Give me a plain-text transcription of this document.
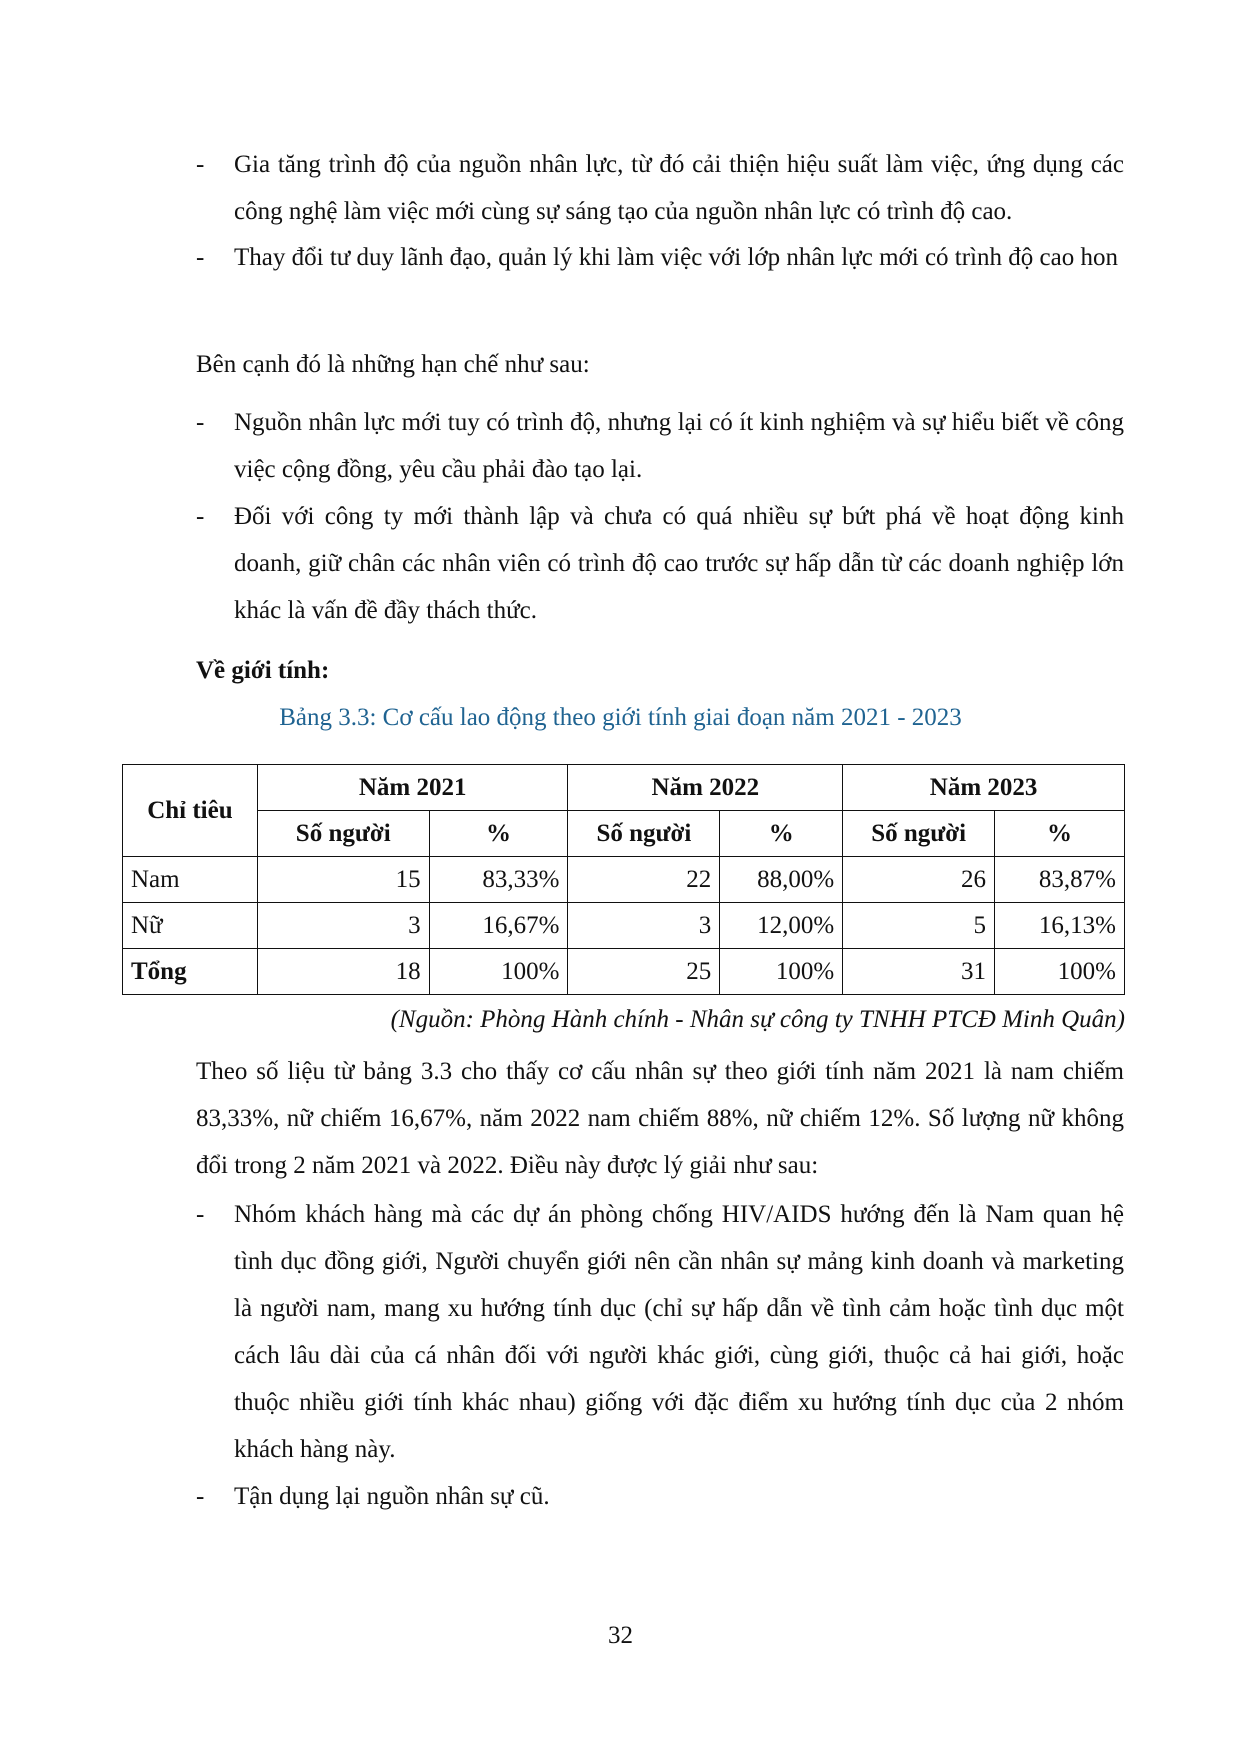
-	Gia tăng trình độ của nguồn nhân lực, từ đó cải thiện hiệu suất làm việc, ứng dụng các công nghệ làm việc mới cùng sự sáng tạo của nguồn nhân lực có trình độ cao.
-	Thay đổi tư duy lãnh đạo, quản lý khi làm việc với lớp nhân lực mới có trình độ cao hon
Bên cạnh đó là những hạn chế như sau:
-	Nguồn nhân lực mới tuy có trình độ, nhưng lại có ít kinh nghiệm và sự hiểu biết về công việc cộng đồng, yêu cầu phải đào tạo lại.
-	Đối với công ty mới thành lập và chưa có quá nhiều sự bứt phá về hoạt động kinh doanh, giữ chân các nhân viên có trình độ cao trước sự hấp dẫn từ các doanh nghiệp lớn khác là vấn đề đầy thách thức.
Về giới tính:
Bảng 3.3: Cơ cấu lao động theo giới tính giai đoạn năm 2021 - 2023
Chỉ tiêu	Năm 2021		Năm 2022		Năm 2023	
	Số người	%	Số người	%	Số người	%
Nam	15	83,33%	22	88,00%	26	83,87%
Nữ	3	16,67%	3	12,00%	5	16,13%
Tổng	18	100%	25	100%	31	100%
(Nguồn: Phòng Hành chính - Nhân sự công ty TNHH PTCĐ Minh Quân)
Theo số liệu từ bảng 3.3 cho thấy cơ cấu nhân sự theo giới tính năm 2021 là nam chiếm 83,33%, nữ chiếm 16,67%, năm 2022 nam chiếm 88%, nữ chiếm 12%. Số lượng nữ không đổi trong 2 năm 2021 và 2022. Điều này được lý giải như sau:
-	Nhóm khách hàng mà các dự án phòng chống HIV/AIDS hướng đến là Nam quan hệ tình dục đồng giới, Người chuyển giới nên cần nhân sự mảng kinh doanh và marketing là người nam, mang xu hướng tính dục (chỉ sự hấp dẫn về tình cảm hoặc tình dục một cách lâu dài của cá nhân đối với người khác giới, cùng giới, thuộc cả hai giới, hoặc thuộc nhiều giới tính khác nhau) giống với đặc điểm xu hướng tính dục của 2 nhóm khách hàng này.
-	Tận dụng lại nguồn nhân sự cũ.
32
